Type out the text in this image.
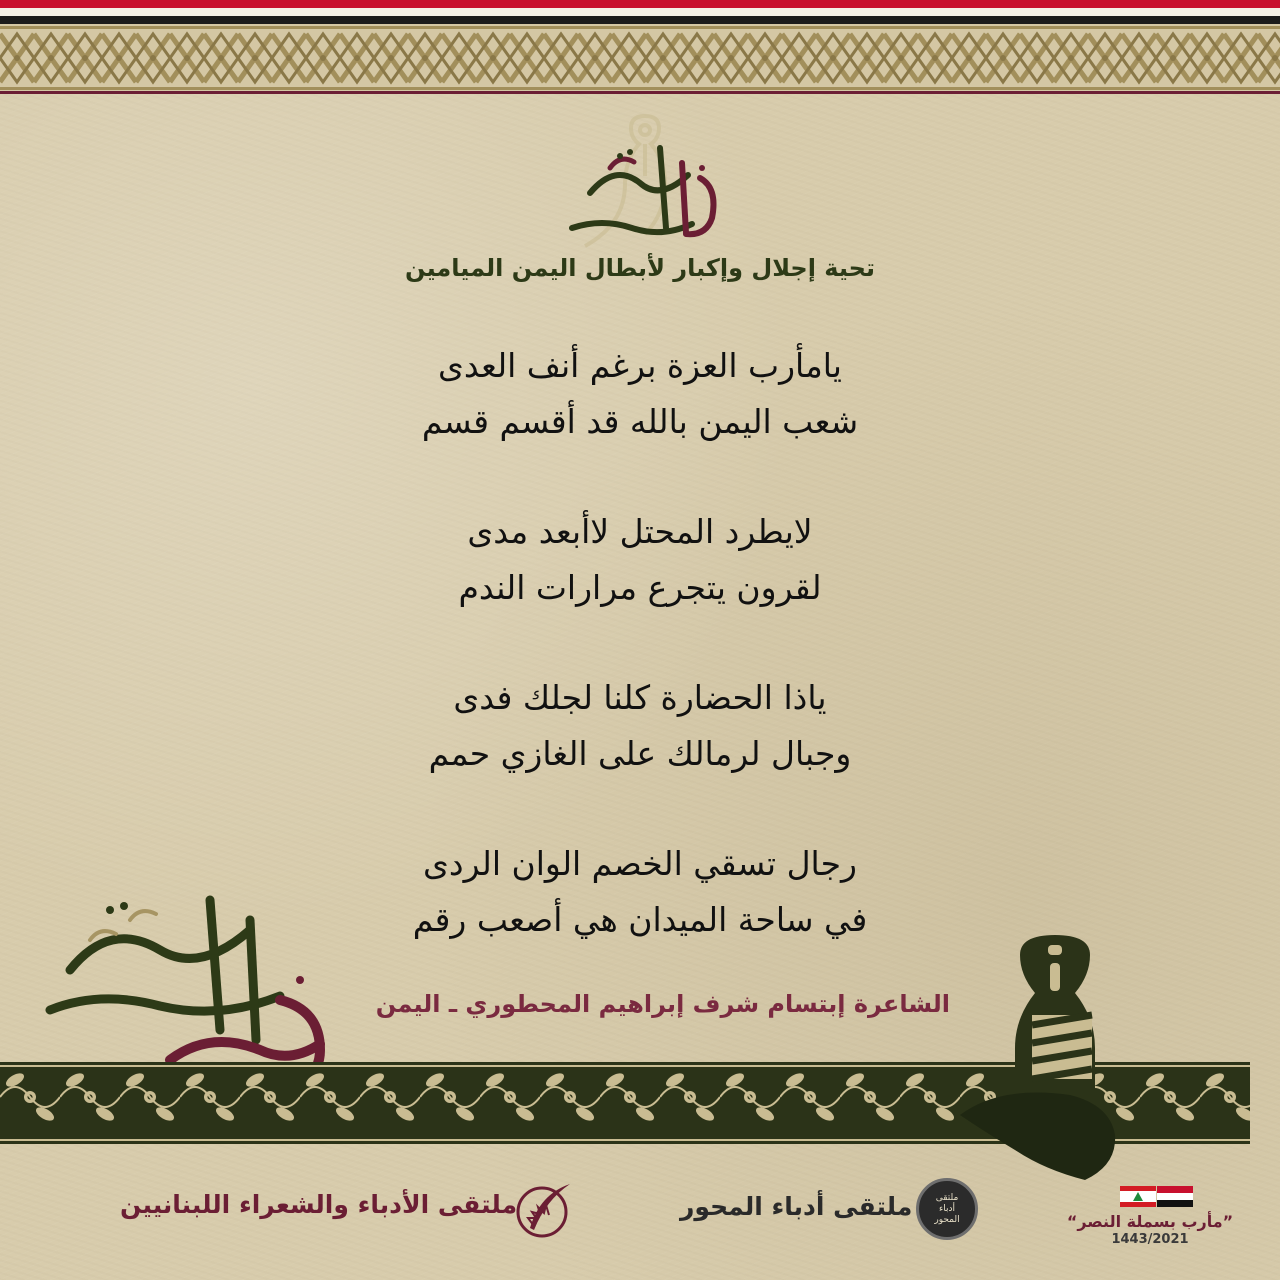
تحية إجلال وإكبار لأبطال اليمن الميامين
يامأرب العزة برغم أنف العدى
شعب اليمن بالله قد أقسم قسم
لايطرد المحتل لاأبعد مدى
لقرون يتجرع مرارات الندم
ياذا الحضارة كلنا لجلك فدى
وجبال لرمالك على الغازي حمم
رجال تسقي الخصم الوان الردى
في ساحة الميدان هي أصعب رقم
الشاعرة إبتسام شرف إبراهيم المحطوري ـ اليمن
ملتقى الأدباء والشعراء اللبنانيين	ملتقى أدباء المحور	ملتقى
أدباء
المحور	”مأرب بسملة النصر“
1443/2021
